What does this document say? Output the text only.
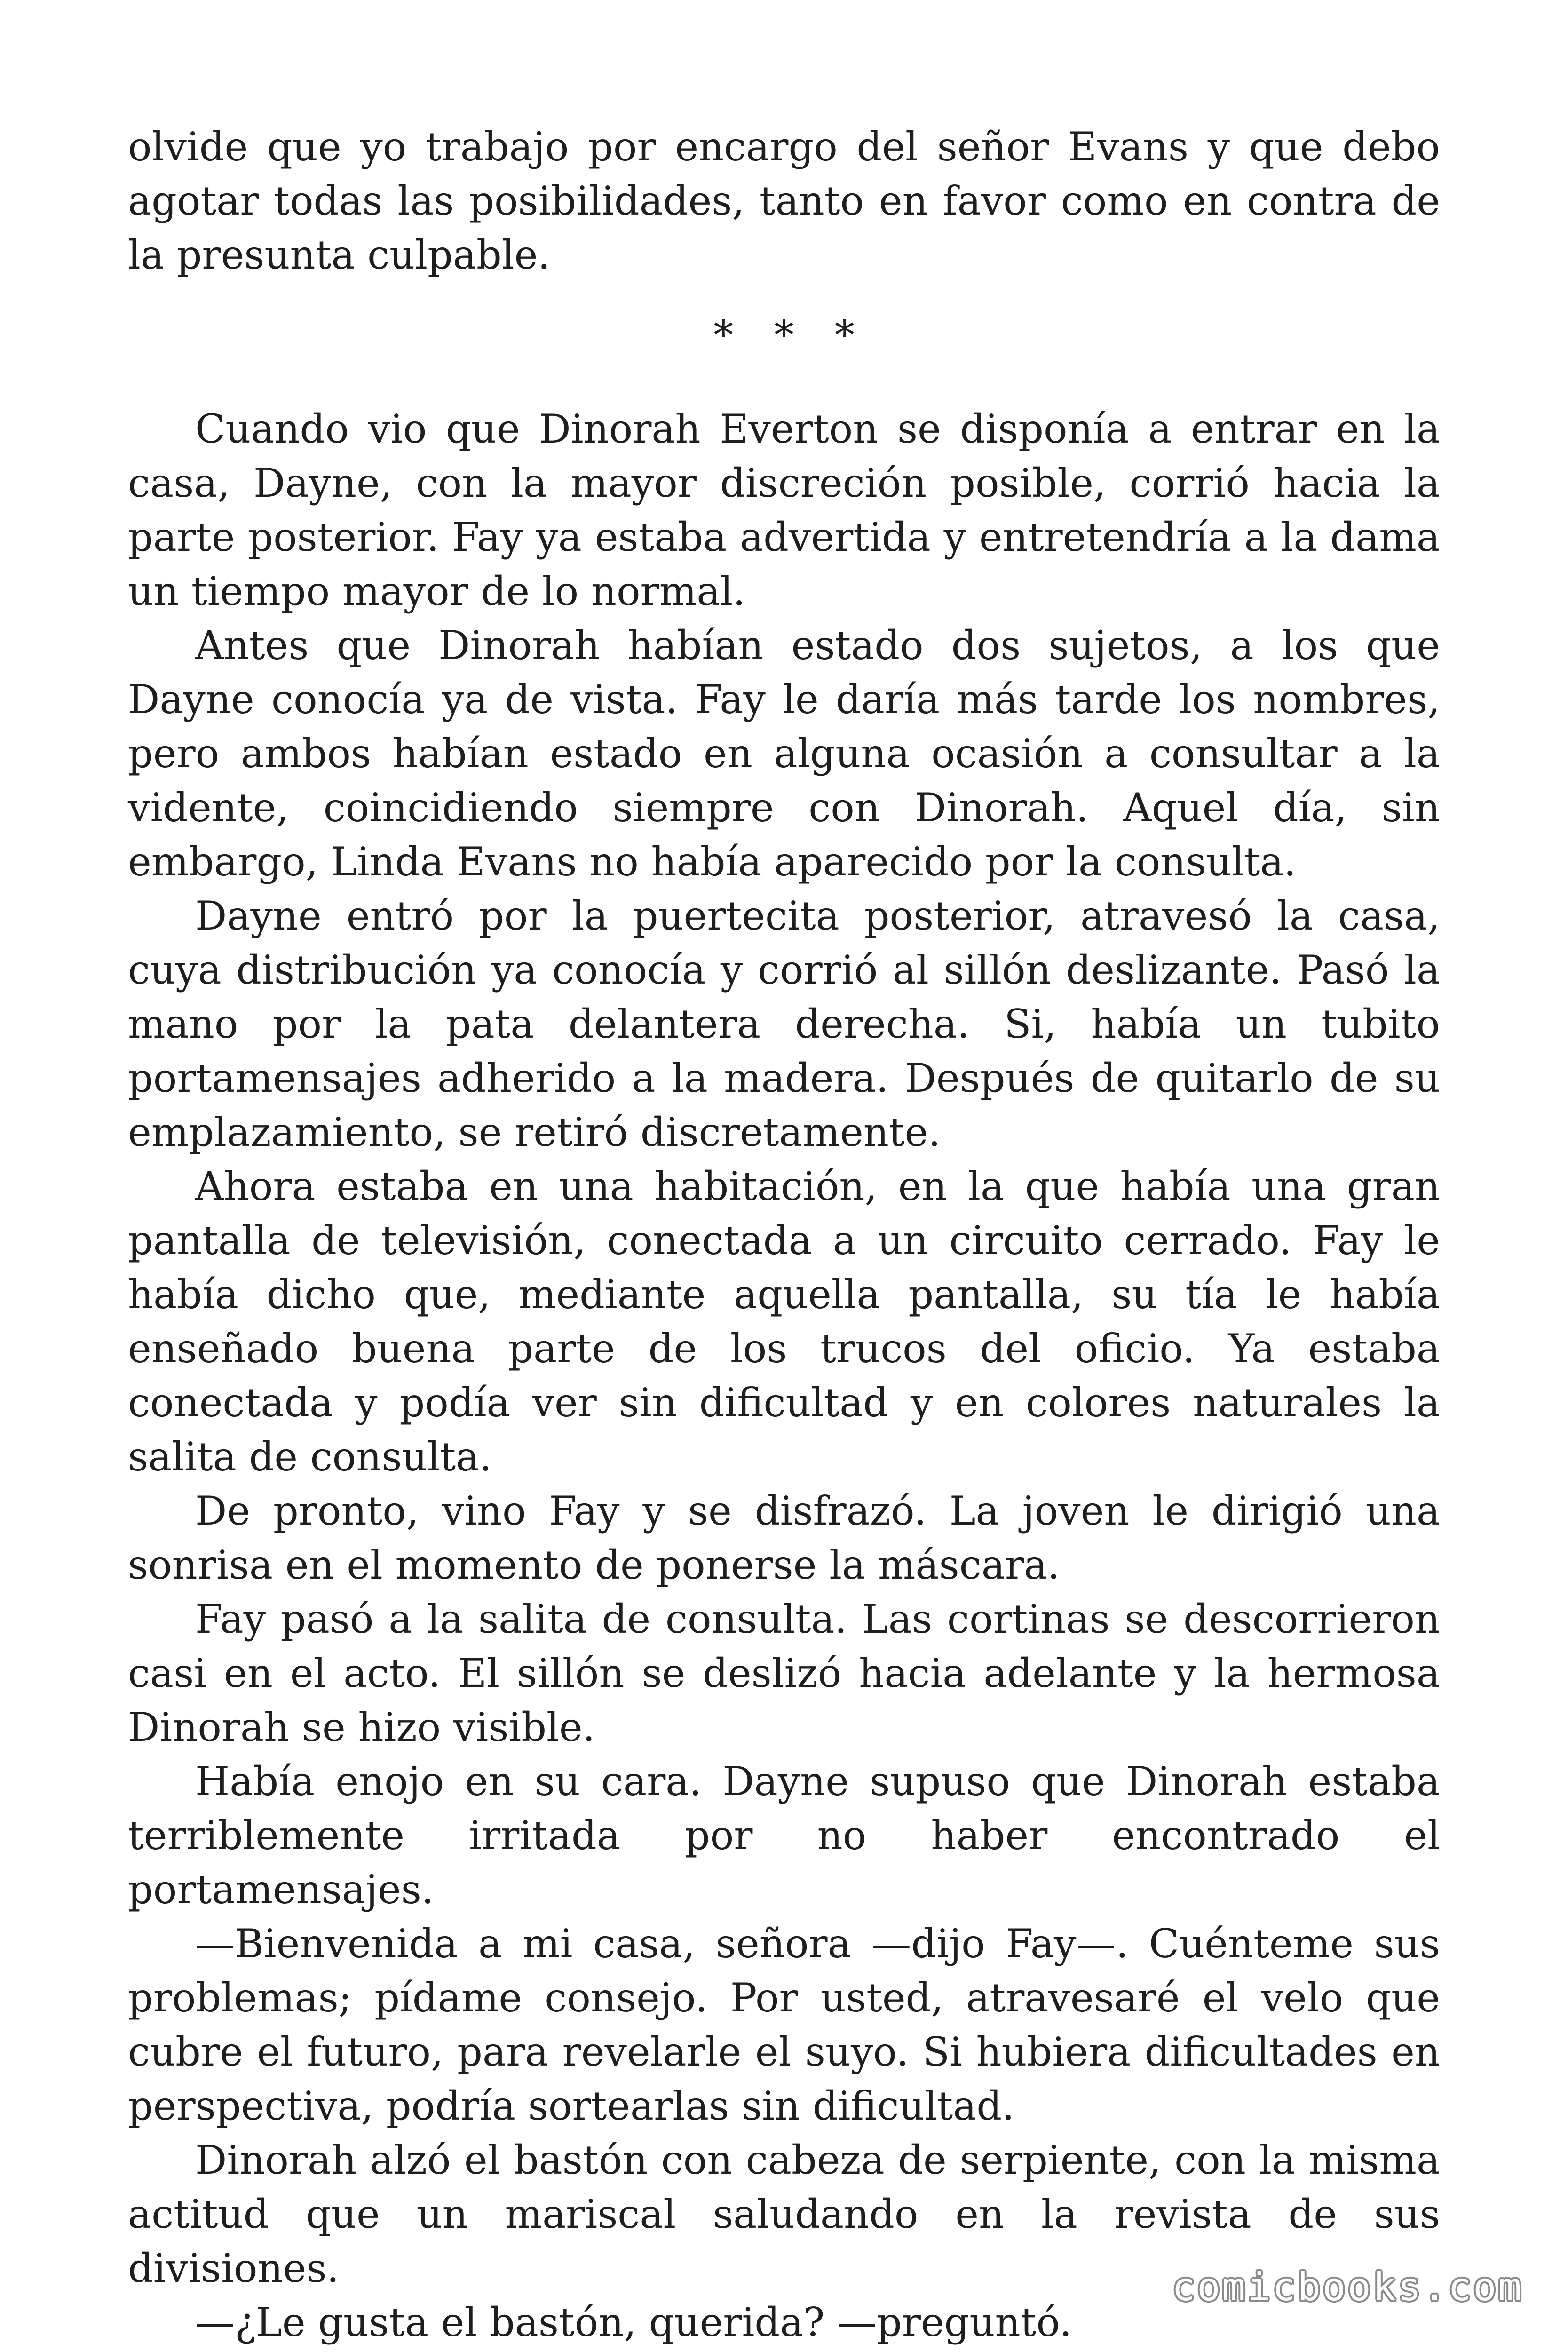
olvide que yo trabajo por encargo del señor Evans y que debo agotar todas las posibilidades, tanto en favor como en contra de la presunta culpable.

* * *

Cuando vio que Dinorah Everton se disponía a entrar en la casa, Dayne, con la mayor discreción posible, corrió hacia la parte posterior. Fay ya estaba advertida y entretendría a la dama un tiempo mayor de lo normal.

Antes que Dinorah habían estado dos sujetos, a los que Dayne conocía ya de vista. Fay le daría más tarde los nombres, pero ambos habían estado en alguna ocasión a consultar a la vidente, coincidiendo siempre con Dinorah. Aquel día, sin embargo, Linda Evans no había aparecido por la consulta.

Dayne entró por la puertecita posterior, atravesó la casa, cuya distribución ya conocía y corrió al sillón deslizante. Pasó la mano por la pata delantera derecha. Si, había un tubito portamensajes adherido a la madera. Después de quitarlo de su emplazamiento, se retiró discretamente.

Ahora estaba en una habitación, en la que había una gran pantalla de televisión, conectada a un circuito cerrado. Fay le había dicho que, mediante aquella pantalla, su tía le había enseñado buena parte de los trucos del oficio. Ya estaba conectada y podía ver sin dificultad y en colores naturales la salita de consulta.

De pronto, vino Fay y se disfrazó. La joven le dirigió una sonrisa en el momento de ponerse la máscara.

Fay pasó a la salita de consulta. Las cortinas se descorrieron casi en el acto. El sillón se deslizó hacia adelante y la hermosa Dinorah se hizo visible.

Había enojo en su cara. Dayne supuso que Dinorah estaba terriblemente irritada por no haber encontrado el portamensajes.

—Bienvenida a mi casa, señora —dijo Fay—. Cuénteme sus problemas; pídame consejo. Por usted, atravesaré el velo que cubre el futuro, para revelarle el suyo. Si hubiera dificultades en perspectiva, podría sortearlas sin dificultad.

Dinorah alzó el bastón con cabeza de serpiente, con la misma actitud que un mariscal saludando en la revista de sus divisiones.

—¿Le gusta el bastón, querida? —preguntó.

comicbooks.com
